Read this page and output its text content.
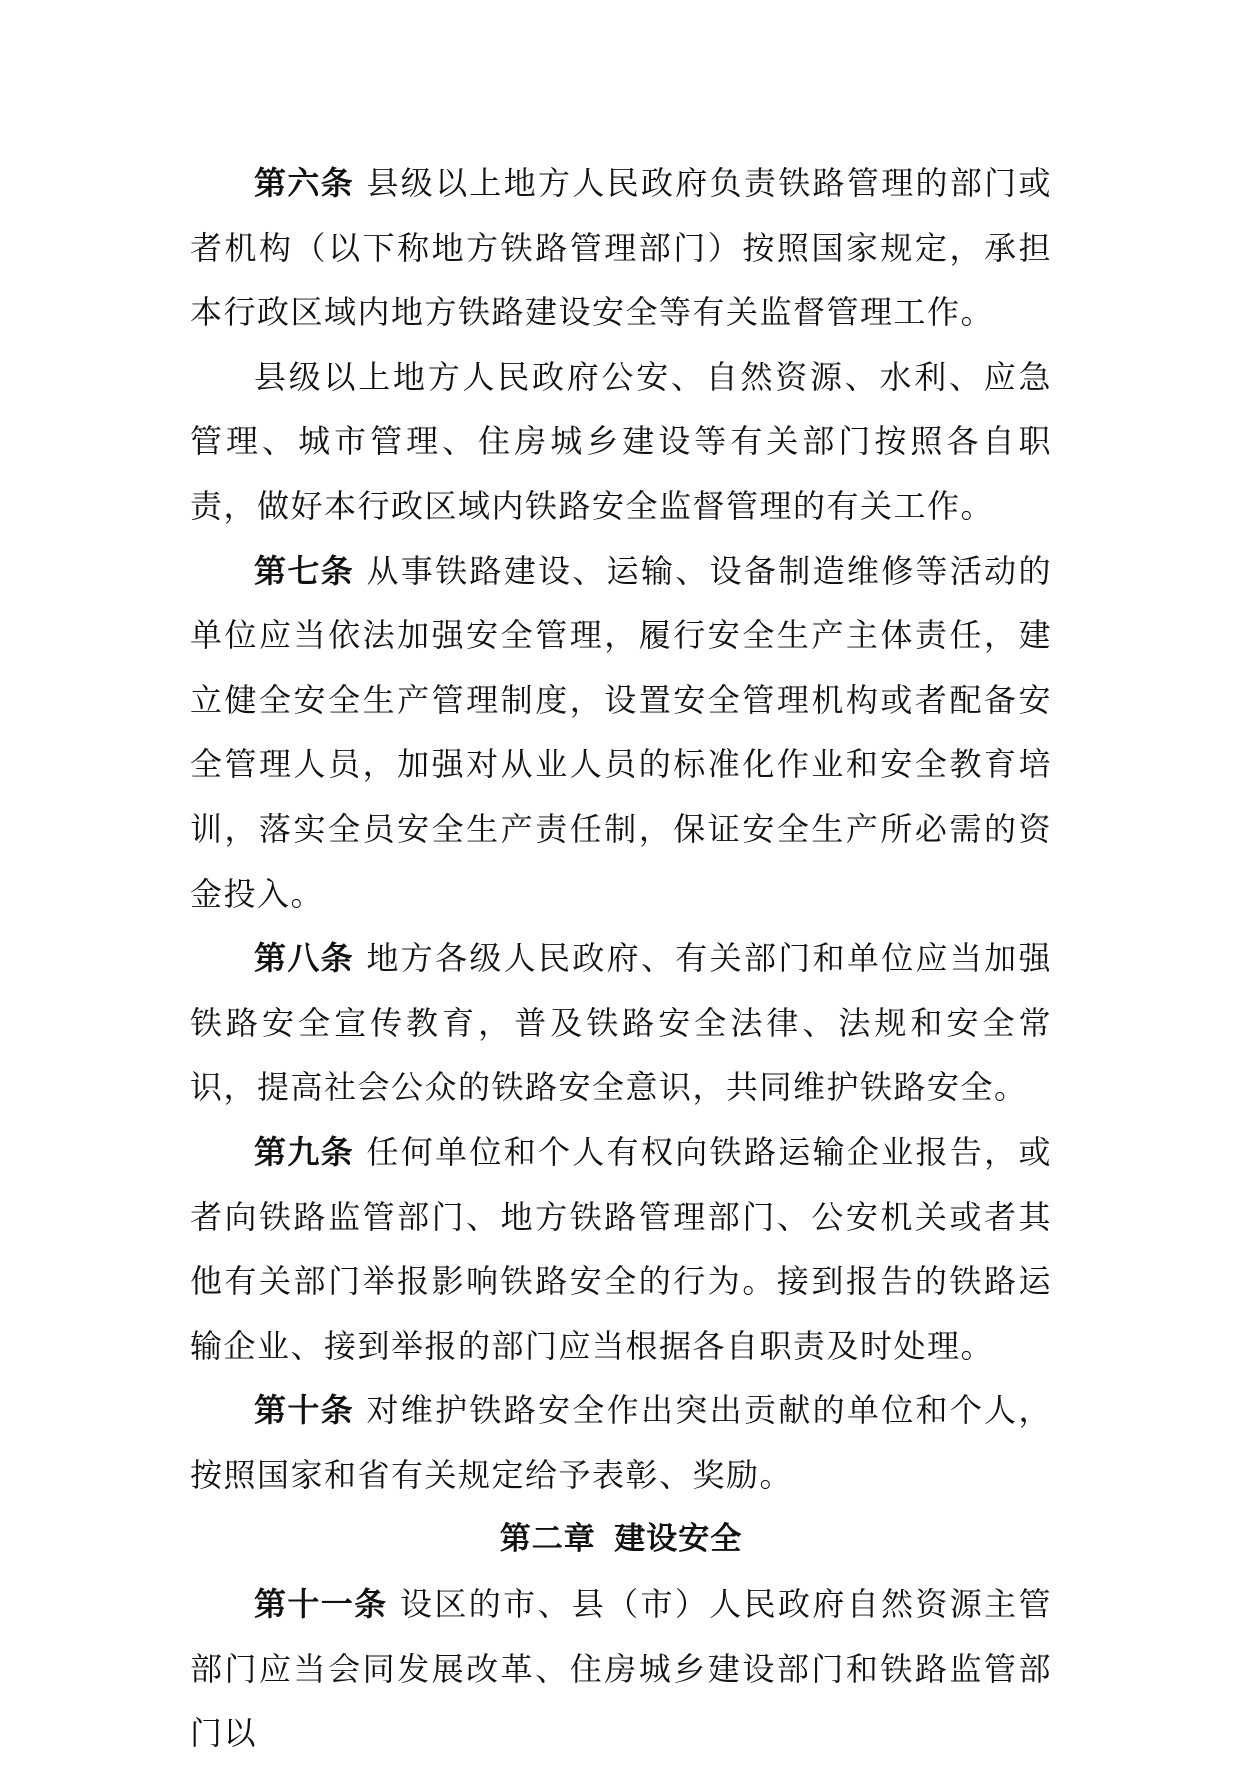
第六条 县级以上地方人民政府负责铁路管理的部门或者机构（以下称地方铁路管理部门）按照国家规定，承担本行政区域内地方铁路建设安全等有关监督管理工作。

县级以上地方人民政府公安、自然资源、水利、应急管理、城市管理、住房城乡建设等有关部门按照各自职责，做好本行政区域内铁路安全监督管理的有关工作。

第七条 从事铁路建设、运输、设备制造维修等活动的单位应当依法加强安全管理，履行安全生产主体责任，建立健全安全生产管理制度，设置安全管理机构或者配备安全管理人员，加强对从业人员的标准化作业和安全教育培训，落实全员安全生产责任制，保证安全生产所必需的资金投入。

第八条 地方各级人民政府、有关部门和单位应当加强铁路安全宣传教育，普及铁路安全法律、法规和安全常识，提高社会公众的铁路安全意识，共同维护铁路安全。

第九条 任何单位和个人有权向铁路运输企业报告，或者向铁路监管部门、地方铁路管理部门、公安机关或者其他有关部门举报影响铁路安全的行为。接到报告的铁路运输企业、接到举报的部门应当根据各自职责及时处理。

第十条 对维护铁路安全作出突出贡献的单位和个人，按照国家和省有关规定给予表彰、奖励。

第二章 建设安全

第十一条 设区的市、县（市）人民政府自然资源主管部门应当会同发展改革、住房城乡建设部门和铁路监管部门以
